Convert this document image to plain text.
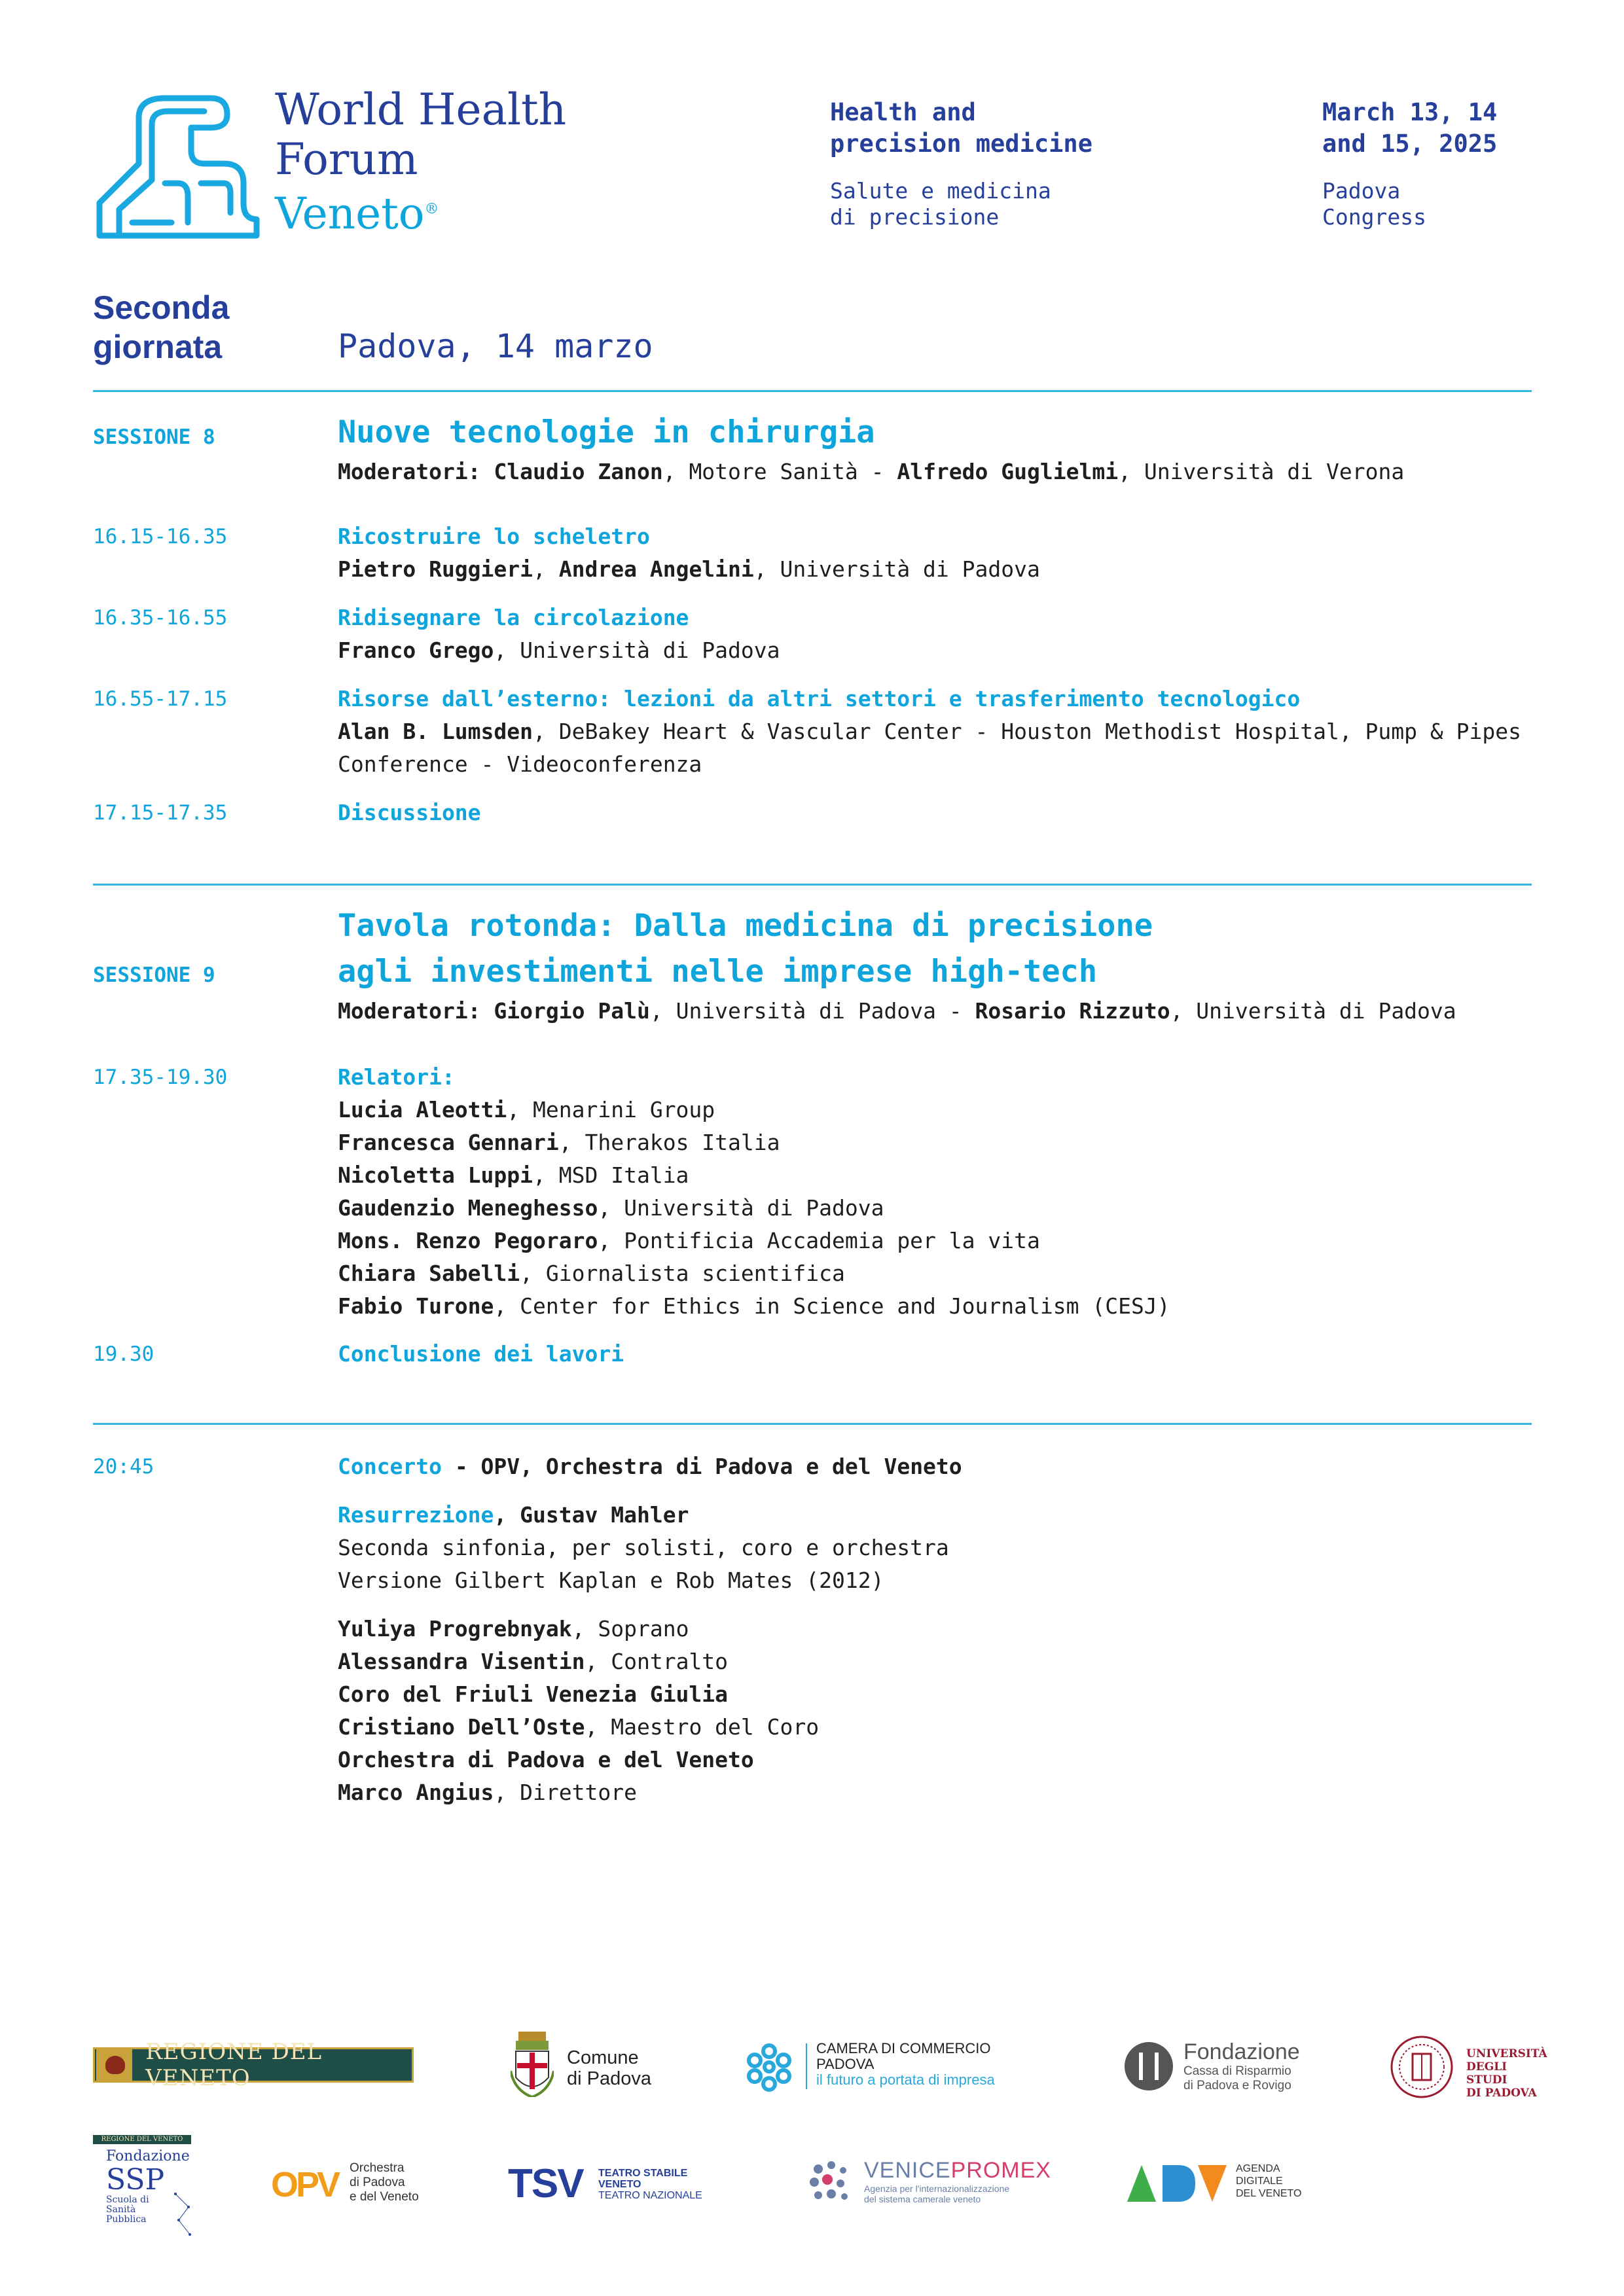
World Health
Forum
Veneto®
Health and
precision medicine
Salute e medicina
di precisione
March 13, 14
and 15, 2025
Padova
Congress
Seconda
giornata	Padova, 14 marzo
SESSIONE 8	Nuove tecnologie in chirurgia
Moderatori: Claudio Zanon, Motore Sanità - Alfredo Guglielmi, Università di Verona
16.15-16.35	Ricostruire lo scheletro
Pietro Ruggieri, Andrea Angelini, Università di Padova
16.35-16.55	Ridisegnare la circolazione
Franco Grego, Università di Padova
16.55-17.15	Risorse dall’esterno: lezioni da altri settori e trasferimento tecnologico
Alan B. Lumsden, DeBakey Heart & Vascular Center - Houston Methodist Hospital, Pump & Pipes Conference - Videoconferenza
17.15-17.35	Discussione
SESSIONE 9
Tavola rotonda: Dalla medicina di precisione
agli investimenti nelle imprese high-tech
Moderatori: Giorgio Palù, Università di Padova - Rosario Rizzuto, Università di Padova
17.35-19.30	Relatori:
Lucia Aleotti, Menarini Group
Francesca Gennari, Therakos Italia
Nicoletta Luppi, MSD Italia
Gaudenzio Meneghesso, Università di Padova
Mons. Renzo Pegoraro, Pontificia Accademia per la vita
Chiara Sabelli, Giornalista scientifica
Fabio Turone, Center for Ethics in Science and Journalism (CESJ)
19.30	Conclusione dei lavori
20:45	Concerto - OPV, Orchestra di Padova e del Veneto
Resurrezione, Gustav Mahler
Seconda sinfonia, per solisti, coro e orchestra
Versione Gilbert Kaplan e Rob Mates (2012)
Yuliya Progrebnyak, Soprano
Alessandra Visentin, Contralto
Coro del Friuli Venezia Giulia
Cristiano Dell’Oste, Maestro del Coro
Orchestra di Padova e del Veneto
Marco Angius, Direttore
REGIONE DEL VENETO
Comune
di Padova
CAMERA DI COMMERCIO
PADOVA
il futuro a portata di impresa
Fondazione
Cassa di Risparmio
di Padova e Rovigo
UNIVERSITÀ
DEGLI STUDI
DI PADOVA
REGIONE DEL VENETO
Fondazione
SSP
Scuola di
Sanità
Pubblica
OPV Orchestra
di Padova
e del Veneto TSV TEATRO STABILE
VENETO
TEATRO NAZIONALE
VENICEPROMEX
Agenzia per l'internazionalizzazione
del sistema camerale veneto
AGENDA
DIGITALE
DEL VENETO
